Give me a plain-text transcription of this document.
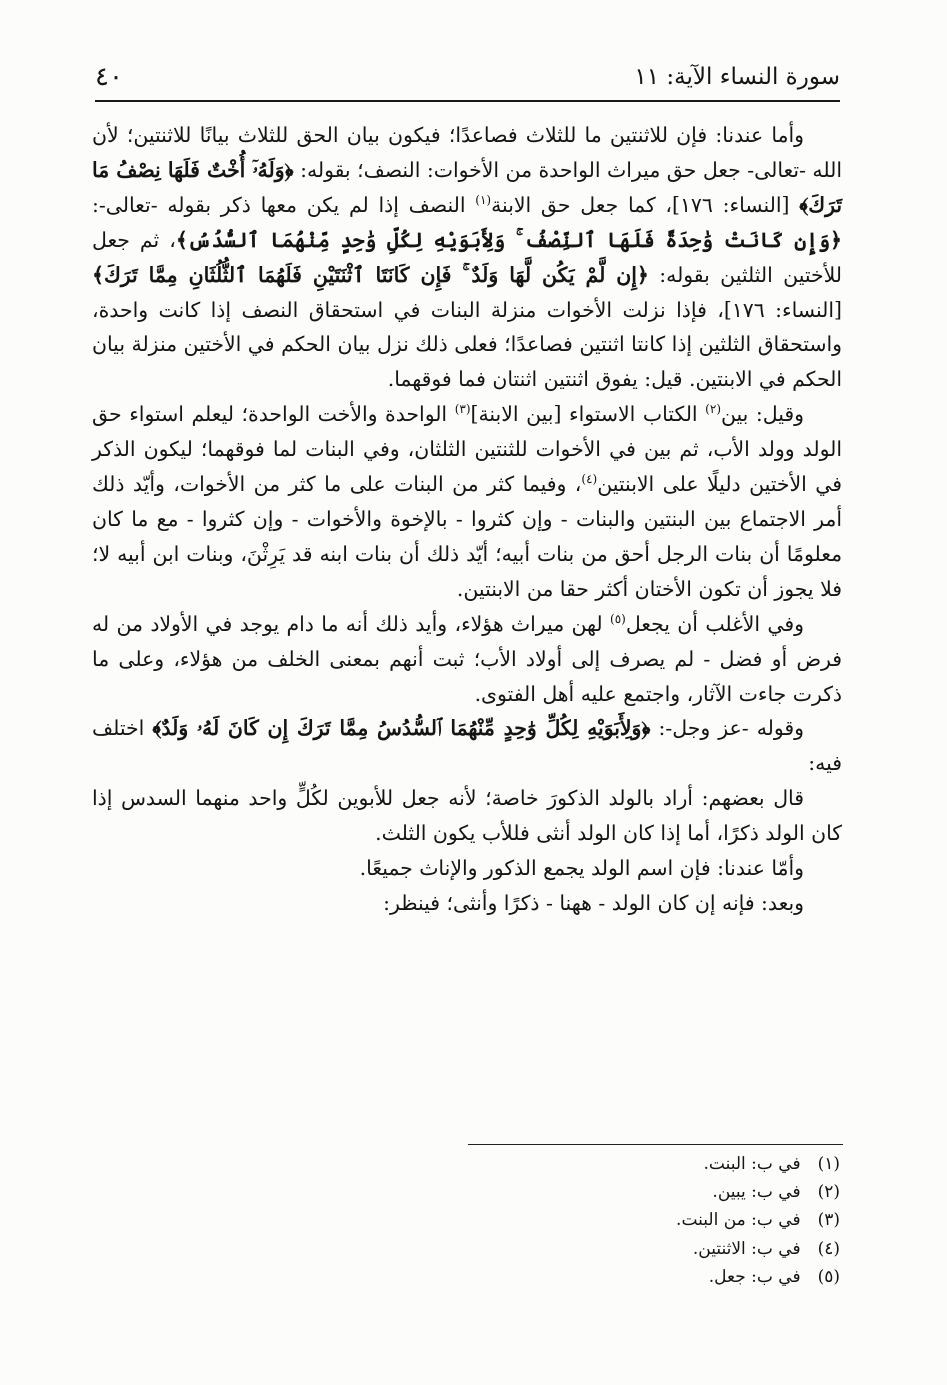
٤٠	سورة النساء الآية: ١١

وأما عندنا: فإن للاثنتين ما للثلاث فصاعدًا؛ فيكون بيان الحق للثلاث بيانًا للاثنتين؛ لأن الله -تعالى- جعل حق ميراث الواحدة من الأخوات: النصف؛ بقوله: ﴿وَلَهُۥٓ أُخْتٌ فَلَهَا نِصْفُ مَا تَرَكَ﴾ [النساء: ١٧٦]، كما جعل حق الابنة$^{(١)}$ النصف إذا لم يكن معها ذكر بقوله -تعالى-: ﴿وَإِن كَانَتْ وَٰحِدَةً فَلَهَا ٱلنِّصْفُ ۚ وَلِأَبَوَيْهِ لِكُلِّ وَٰحِدٍ مِّنْهُمَا ٱلسُّدُسُ﴾، ثم جعل للأختين الثلثين بقوله: ﴿إِن لَّمْ يَكُن لَّهَا وَلَدٌ ۚ فَإِن كَانَتَا ٱثْنَتَيْنِ فَلَهُمَا ٱلثُّلُثَانِ مِمَّا تَرَكَ﴾ [النساء: ١٧٦]، فإذا نزلت الأخوات منزلة البنات في استحقاق النصف إذا كانت واحدة، واستحقاق الثلثين إذا كانتا اثنتين فصاعدًا؛ فعلى ذلك نزل بيان الحكم في الأختين منزلة بيان الحكم في الابنتين. قيل: يفوق اثنتين اثنتان فما فوقهما.

وقيل: بين$^{(٢)}$ الكتاب الاستواء [بين الابنة]$^{(٣)}$ الواحدة والأخت الواحدة؛ ليعلم استواء حق الولد وولد الأب، ثم بين في الأخوات للثنتين الثلثان، وفي البنات لما فوقهما؛ ليكون الذكر في الأختين دليلًا على الابنتين$^{(٤)}$، وفيما كثر من البنات على ما كثر من الأخوات، وأيّد ذلك أمر الاجتماع بين البنتين والبنات - وإن كثروا - بالإخوة والأخوات - وإن كثروا - مع ما كان معلومًا أن بنات الرجل أحق من بنات أبيه؛ أيّد ذلك أن بنات ابنه قد يَرِثْنَ، وبنات ابن أبيه لا؛ فلا يجوز أن تكون الأختان أكثر حقا من الابنتين.

وفي الأغلب أن يجعل$^{(٥)}$ لهن ميراث هؤلاء، وأيد ذلك أنه ما دام يوجد في الأولاد من له فرض أو فضل - لم يصرف إلى أولاد الأب؛ ثبت أنهم بمعنى الخلف من هؤلاء، وعلى ما ذكرت جاءت الآثار، واجتمع عليه أهل الفتوى.

وقوله -عز وجل-: ﴿وَلِأَبَوَيْهِ لِكُلِّ وَٰحِدٍ مِّنْهُمَا ٱلسُّدُسُ مِمَّا تَرَكَ إِن كَانَ لَهُۥ وَلَدٌ﴾ اختلف فيه:

قال بعضهم: أراد بالولد الذكورَ خاصة؛ لأنه جعل للأبوين لكُلٍّ واحد منهما السدس إذا كان الولد ذكرًا، أما إذا كان الولد أنثى فللأب يكون الثلث.

وأمّا عندنا: فإن اسم الولد يجمع الذكور والإناث جميعًا.

وبعد: فإنه إن كان الولد - ههنا - ذكرًا وأنثى؛ فينظر:

(١) في ب: البنت.
(٢) في ب: يبين.
(٣) في ب: من البنت.
(٤) في ب: الاثنتين.
(٥) في ب: جعل.
